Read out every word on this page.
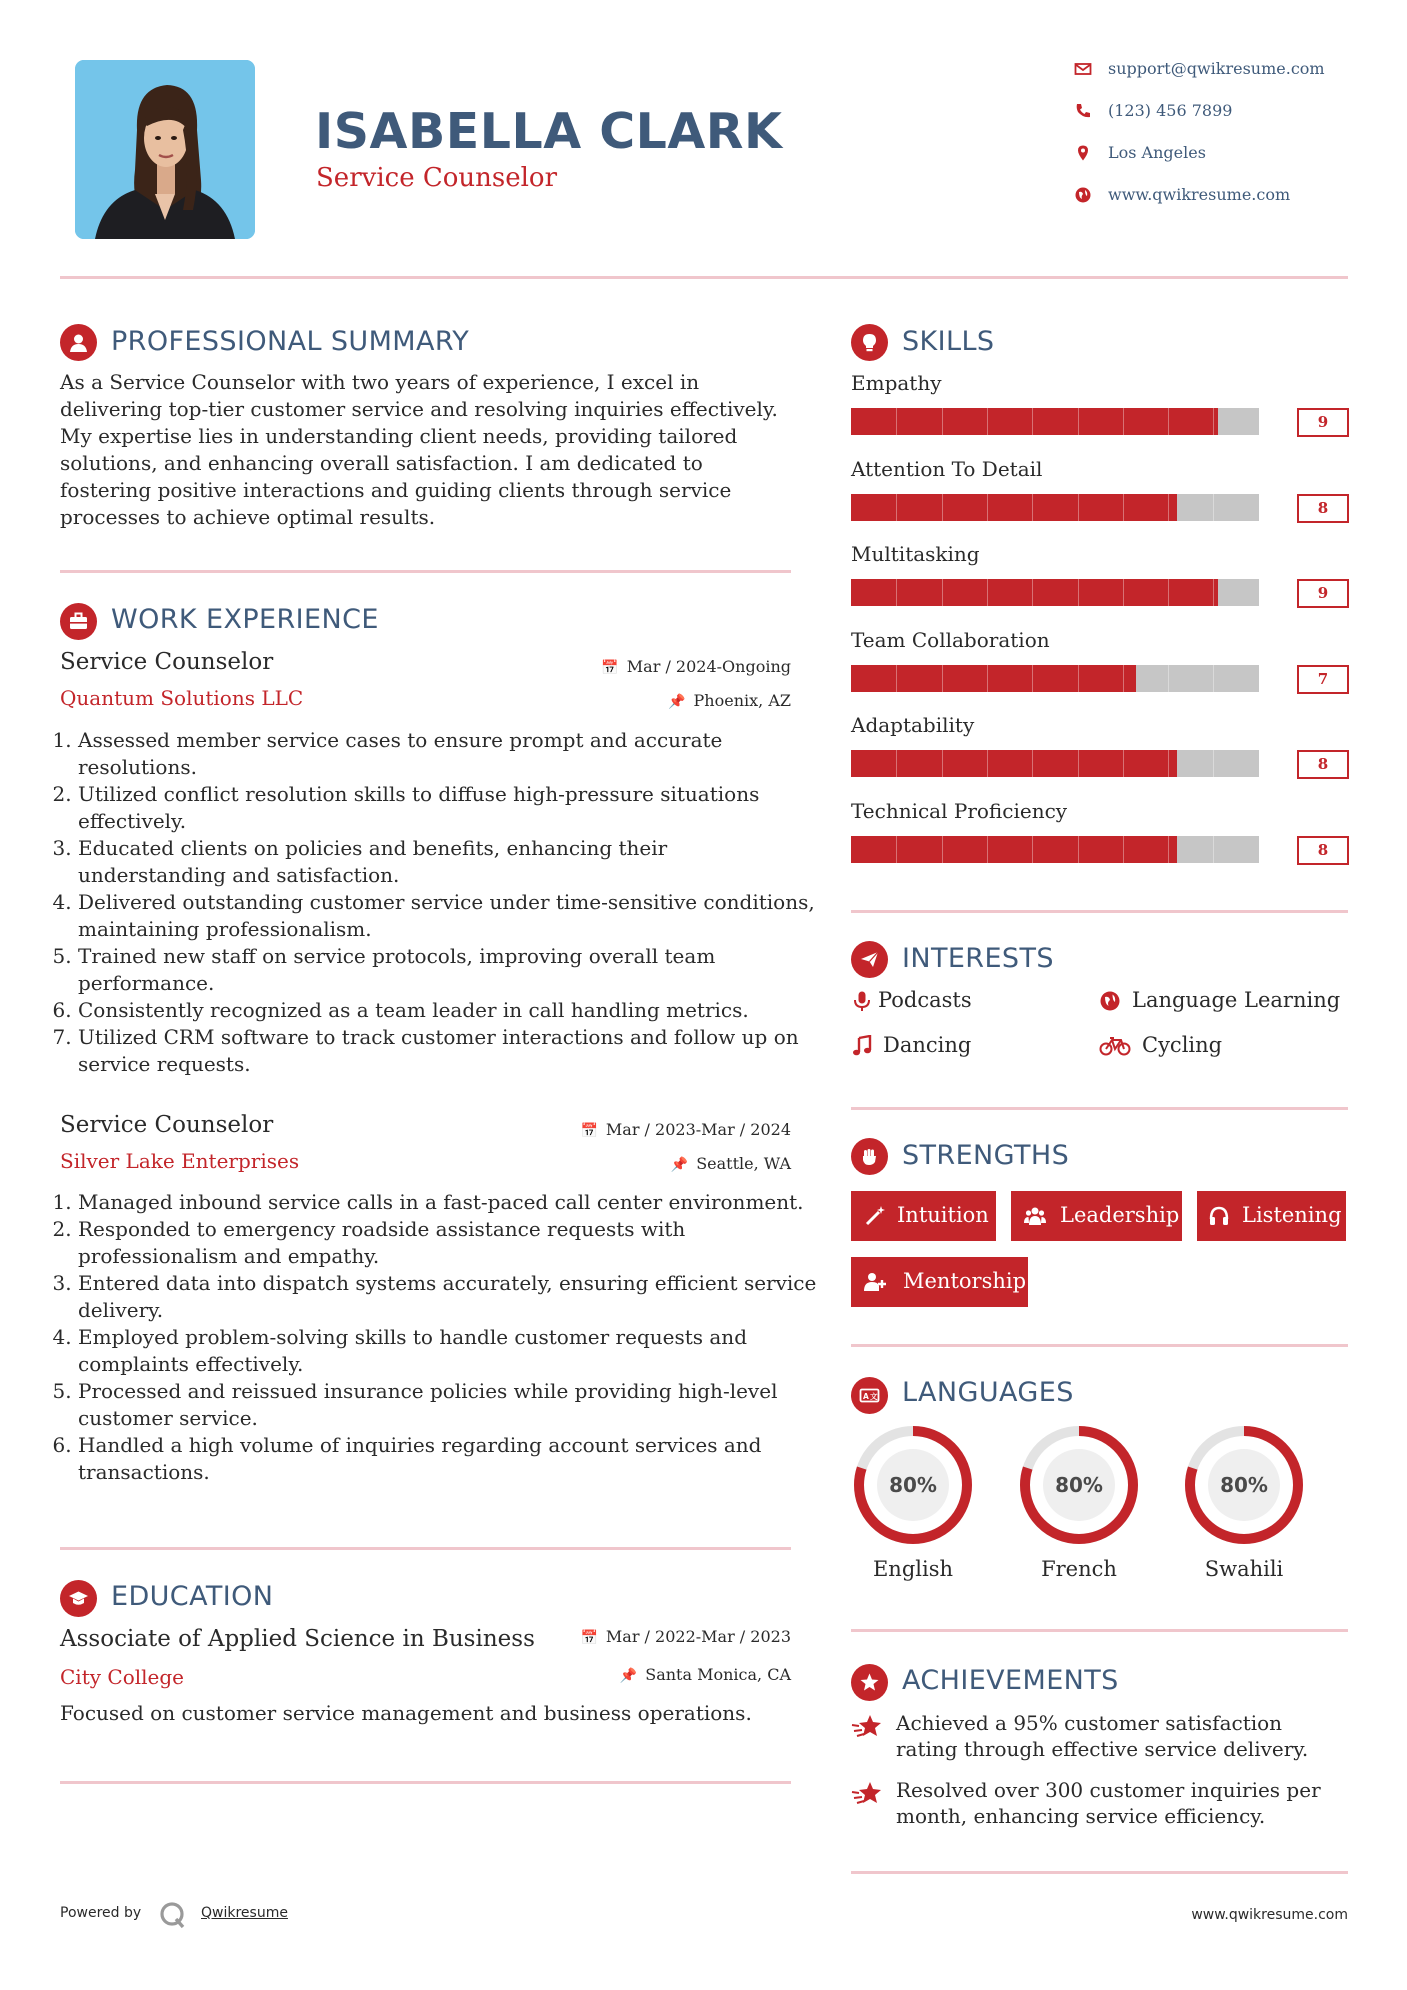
ISABELLA CLARK
Service Counselor
support@qwikresume.com
(123) 456 7899
Los Angeles
www.qwikresume.com
PROFESSIONAL SUMMARY
As a Service Counselor with two years of experience, I excel in delivering top-tier customer service and resolving inquiries effectively. My expertise lies in understanding client needs, providing tailored solutions, and enhancing overall satisfaction. I am dedicated to fostering positive interactions and guiding clients through service processes to achieve optimal results.
WORK EXPERIENCE
Service Counselor
Quantum Solutions LLC
📅 Mar / 2024-Ongoing
📌 Phoenix, AZ
1. Assessed member service cases to ensure prompt and accurate resolutions.
2. Utilized conflict resolution skills to diffuse high-pressure situations effectively.
3. Educated clients on policies and benefits, enhancing their understanding and satisfaction.
4. Delivered outstanding customer service under time-sensitive conditions, maintaining professionalism.
5. Trained new staff on service protocols, improving overall team performance.
6. Consistently recognized as a team leader in call handling metrics.
7. Utilized CRM software to track customer interactions and follow up on service requests.
Service Counselor
Silver Lake Enterprises
📅 Mar / 2023-Mar / 2024
📌 Seattle, WA
1. Managed inbound service calls in a fast-paced call center environment.
2. Responded to emergency roadside assistance requests with professionalism and empathy.
3. Entered data into dispatch systems accurately, ensuring efficient service delivery.
4. Employed problem-solving skills to handle customer requests and complaints effectively.
5. Processed and reissued insurance policies while providing high-level customer service.
6. Handled a high volume of inquiries regarding account services and transactions.
EDUCATION
Associate of Applied Science in Business
City College
📅 Mar / 2022-Mar / 2023
📌 Santa Monica, CA
Focused on customer service management and business operations.
SKILLS
Empathy
9
Attention To Detail
8
Multitasking
9
Team Collaboration
7
Adaptability
8
Technical Proficiency
8
INTERESTS
Podcasts	Language Learning
Dancing	Cycling
STRENGTHS
Intuition	Leadership	Listening
Mentorship
A 文 LANGUAGES
80%
English
80%
French
80%
Swahili
ACHIEVEMENTS
Achieved a 95% customer satisfaction rating through effective service delivery.
Resolved over 300 customer inquiries per month, enhancing service efficiency.
Powered by	Qwikresume	www.qwikresume.com
